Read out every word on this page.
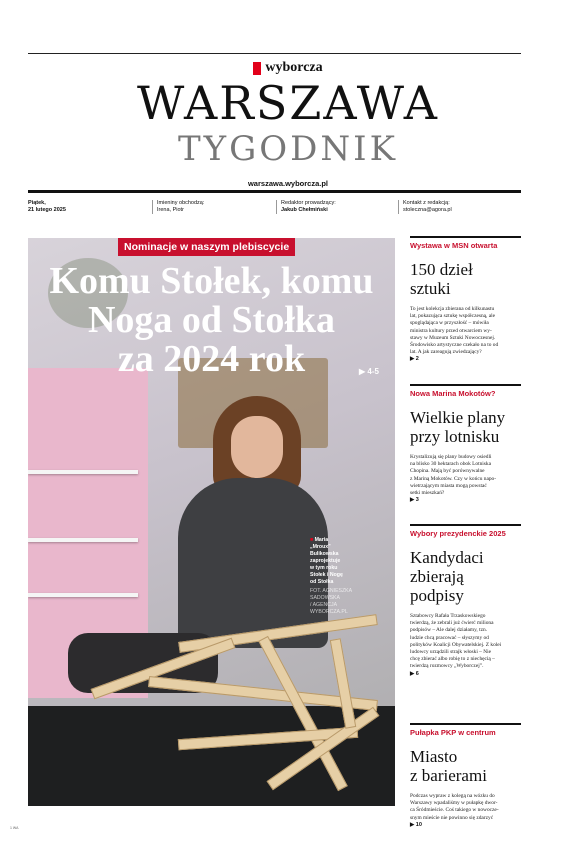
wyborcza
WARSZAWA
TYGODNIK
warszawa.wyborcza.pl
Piątek,
21 lutego 2025
Imieniny obchodzą:
Irena, Piotr
Redaktor prowadzący:
Jakub Chełmiński
Kontakt z redakcją:
stoleczna@agora.pl
Nominacje w naszym plebiscycie
Komu Stołek, komu
Noga od Stołka
za 2024 rok	▶ 4-5
■ Maria
„Mroux”
Bulikowska
zaprojektuje
w tym roku
Stołek i Nogę
od Stołka
FOT. AGNIESZKA SADOWSKA
/ AGENCJA WYBORCZA.PL
Wystawa w MSN otwarta
150 dzieł
sztuki
To jest kolekcja zbierana od kilkunastu
lat, pokazująca sztukę współczesną, ale
spoglądająca w przyszłość – mówiła
ministra kultury przed otwarciem wy-
stawy w Muzeum Sztuki Nowoczesnej.
Środowisko artystyczne czekało na to od
lat. A jak zareagują zwiedzający?
▶ 2
Nowa Marina Mokotów?
Wielkie plany
przy lotnisku
Krystalizują się plany budowy osiedli
na blisko 30 hektarach obok Lotniska
Chopina. Mają być porównywalne
z Mariną Mokotów. Czy w końcu napo-
wietrzającym miasta mogą powstać
setki mieszkań?
▶ 3
Wybory prezydenckie 2025
Kandydaci
zbierają
podpisy
Sztabowcy Rafała Trzaskowskiego
twierdzą, że zebrali już ćwierć miliona
podpisów – Ale dalej działamy, tzn.
ludzie chcą pracować – słyszymy od
polityków Koalicji Obywatelskiej. Z kolei
ludowcy urządzili strajk włoski – Nie
chcę zbierać albo robię to z niechęcią –
twierdzą rozmowcy „Wyborczej”.
▶ 6
Pułapka PKP w centrum
Miasto
z barierami
Podczas wypraw z kolegą na wózku do
Warszawy wpadaliśmy w pułapkę dwor-
ca Śródmieście. Coś takiego w nowocze-
snym mieście nie powinno się zdarzyć
▶ 10
1 WA
